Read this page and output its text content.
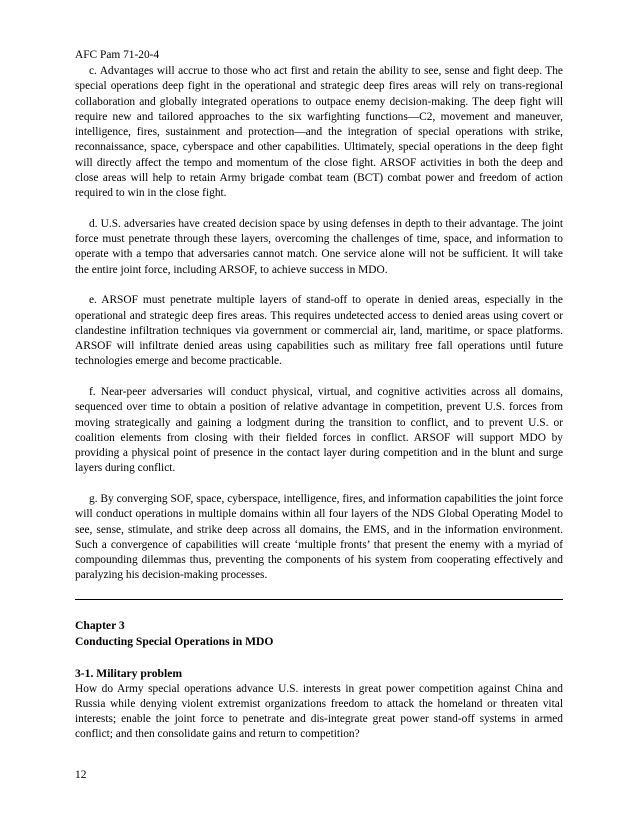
AFC Pam 71-20-4

c. Advantages will accrue to those who act first and retain the ability to see, sense and fight deep. The special operations deep fight in the operational and strategic deep fires areas will rely on trans-regional collaboration and globally integrated operations to outpace enemy decision-making. The deep fight will require new and tailored approaches to the six warfighting functions—C2, movement and maneuver, intelligence, fires, sustainment and protection—and the integration of special operations with strike, reconnaissance, space, cyberspace and other capabilities. Ultimately, special operations in the deep fight will directly affect the tempo and momentum of the close fight. ARSOF activities in both the deep and close areas will help to retain Army brigade combat team (BCT) combat power and freedom of action required to win in the close fight.

d. U.S. adversaries have created decision space by using defenses in depth to their advantage. The joint force must penetrate through these layers, overcoming the challenges of time, space, and information to operate with a tempo that adversaries cannot match. One service alone will not be sufficient. It will take the entire joint force, including ARSOF, to achieve success in MDO.

e. ARSOF must penetrate multiple layers of stand-off to operate in denied areas, especially in the operational and strategic deep fires areas. This requires undetected access to denied areas using covert or clandestine infiltration techniques via government or commercial air, land, maritime, or space platforms. ARSOF will infiltrate denied areas using capabilities such as military free fall operations until future technologies emerge and become practicable.

f. Near-peer adversaries will conduct physical, virtual, and cognitive activities across all domains, sequenced over time to obtain a position of relative advantage in competition, prevent U.S. forces from moving strategically and gaining a lodgment during the transition to conflict, and to prevent U.S. or coalition elements from closing with their fielded forces in conflict. ARSOF will support MDO by providing a physical point of presence in the contact layer during competition and in the blunt and surge layers during conflict.

g. By converging SOF, space, cyberspace, intelligence, fires, and information capabilities the joint force will conduct operations in multiple domains within all four layers of the NDS Global Operating Model to see, sense, stimulate, and strike deep across all domains, the EMS, and in the information environment. Such a convergence of capabilities will create ‘multiple fronts’ that present the enemy with a myriad of compounding dilemmas thus, preventing the components of his system from cooperating effectively and paralyzing his decision-making processes.

Chapter 3
Conducting Special Operations in MDO
3-1. Military problem

How do Army special operations advance U.S. interests in great power competition against China and Russia while denying violent extremist organizations freedom to attack the homeland or threaten vital interests; enable the joint force to penetrate and dis-integrate great power stand-off systems in armed conflict; and then consolidate gains and return to competition?

12
